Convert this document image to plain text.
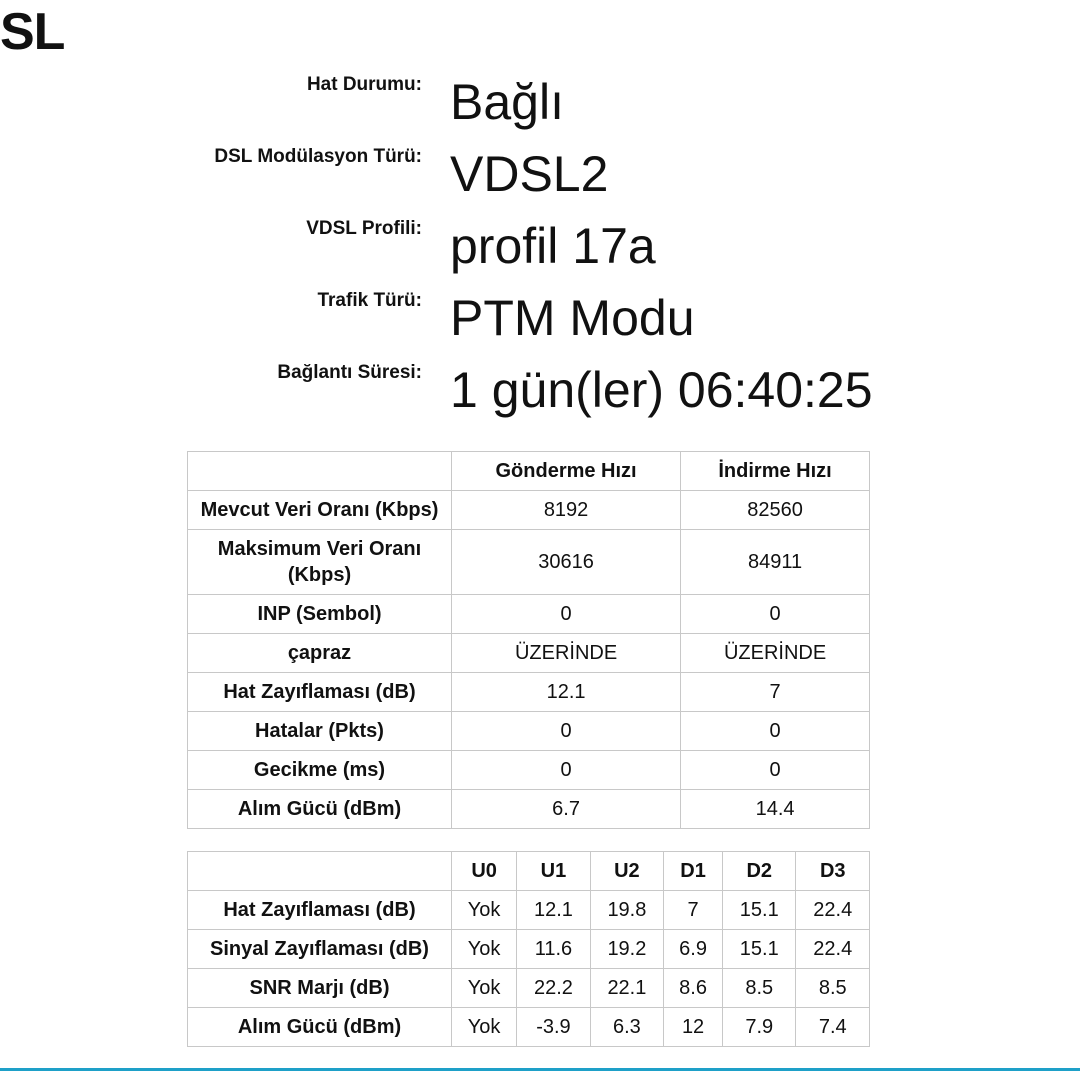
SL
Hat Durumu: Bağlı
DSL Modülasyon Türü: VDSL2
VDSL Profili: profil 17a
Trafik Türü: PTM Modu
Bağlantı Süresi: 1 gün(ler) 06:40:25
	Gönderme Hızı	İndirme Hızı
Mevcut Veri Oranı (Kbps)	8192	82560
Maksimum Veri Oranı (Kbps)	30616	84911
INP (Sembol)	0	0
çapraz	ÜZERİNDE	ÜZERİNDE
Hat Zayıflaması (dB)	12.1	7
Hatalar (Pkts)	0	0
Gecikme (ms)	0	0
Alım Gücü (dBm)	6.7	14.4
	U0	U1	U2	D1	D2	D3
Hat Zayıflaması (dB)	Yok	12.1	19.8	7	15.1	22.4
Sinyal Zayıflaması (dB)	Yok	11.6	19.2	6.9	15.1	22.4
SNR Marjı (dB)	Yok	22.2	22.1	8.6	8.5	8.5
Alım Gücü (dBm)	Yok	-3.9	6.3	12	7.9	7.4
